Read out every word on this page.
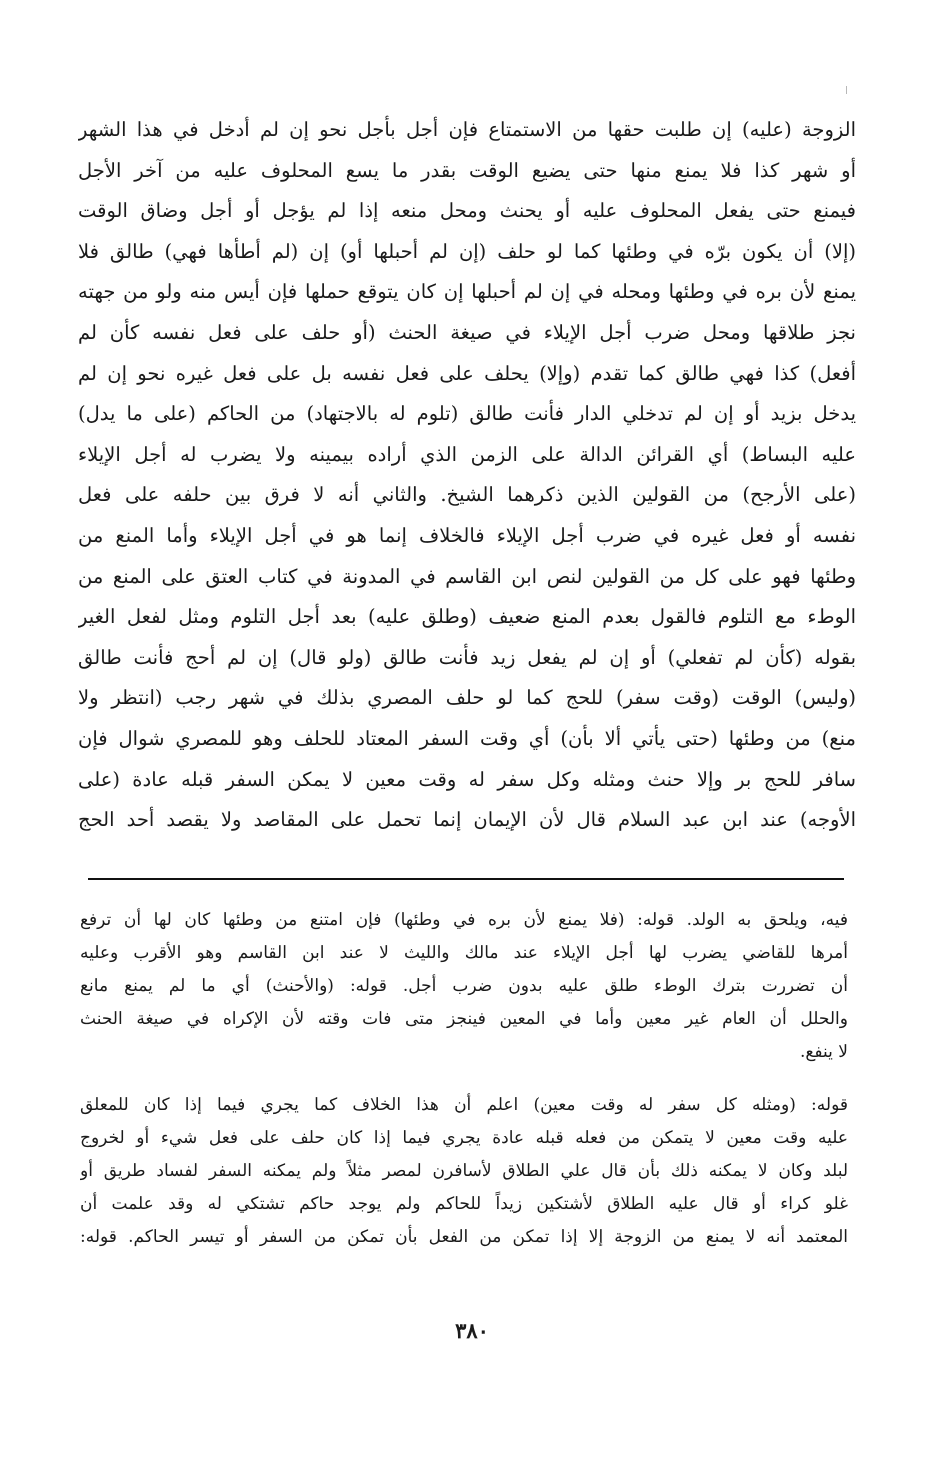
الزوجة (عليه) إن طلبت حقها من الاستمتاع فإن أجل بأجل نحو إن لم أدخل في هذا الشهر
أو شهر كذا فلا يمنع منها حتى يضيع الوقت بقدر ما يسع المحلوف عليه من آخر الأجل
فيمنع حتى يفعل المحلوف عليه أو يحنث ومحل منعه إذا لم يؤجل أو أجل وضاق الوقت
(إلا) أن يكون برّه في وطئها كما لو حلف (إن لم أحبلها أو) إن (لم أطأها فهي) طالق فلا
يمنع لأن بره في وطئها ومحله في إن لم أحبلها إن كان يتوقع حملها فإن أيس منه ولو من جهته
نجز طلاقها ومحل ضرب أجل الإيلاء في صيغة الحنث (أو حلف على فعل نفسه كأن لم
أفعل) كذا فهي طالق كما تقدم (وإلا) يحلف على فعل نفسه بل على فعل غيره نحو إن لم
يدخل بزيد أو إن لم تدخلي الدار فأنت طالق (تلوم له بالاجتهاد) من الحاكم (على ما يدل)
عليه البساط) أي القرائن الدالة على الزمن الذي أراده بيمينه ولا يضرب له أجل الإيلاء
(على الأرجح) من القولين الذين ذكرهما الشيخ. والثاني أنه لا فرق بين حلفه على فعل
نفسه أو فعل غيره في ضرب أجل الإيلاء فالخلاف إنما هو في أجل الإيلاء وأما المنع من
وطئها فهو على كل من القولين لنص ابن القاسم في المدونة في كتاب العتق على المنع من
الوطء مع التلوم فالقول بعدم المنع ضعيف (وطلق عليه) بعد أجل التلوم ومثل لفعل الغير
بقوله (كأن لم تفعلي) أو إن لم يفعل زيد فأنت طالق (ولو قال) إن لم أحج فأنت طالق
(وليس) الوقت (وقت سفر) للحج كما لو حلف المصري بذلك في شهر رجب (انتظر ولا
منع) من وطئها (حتى يأتي ألا بأن) أي وقت السفر المعتاد للحلف وهو للمصري شوال فإن
سافر للحج بر وإلا حنث ومثله وكل سفر له وقت معين لا يمكن السفر قبله عادة (على
الأوجه) عند ابن عبد السلام قال لأن الإيمان إنما تحمل على المقاصد ولا يقصد أحد الحج
فيه، ويلحق به الولد. قوله: (فلا يمنع لأن بره في وطئها) فإن امتنع من وطئها كان لها أن ترفع
أمرها للقاضي يضرب لها أجل الإيلاء عند مالك والليث لا عند ابن القاسم وهو الأقرب وعليه
أن تضررت بترك الوطء طلق عليه بدون ضرب أجل. قوله: (والأحنث) أي ما لم يمنع مانع
والحلل أن العام غير معين وأما في المعين فينجز متى فات وقته لأن الإكراه في صيغة الحنث
لا ينفع.
قوله: (ومثله كل سفر له وقت معين) اعلم أن هذا الخلاف كما يجري فيما إذا كان للمعلق
عليه وقت معين لا يتمكن من فعله قبله عادة يجري فيما إذا كان حلف على فعل شيء أو لخروج
لبلد وكان لا يمكنه ذلك بأن قال علي الطلاق لأسافرن لمصر مثلاً ولم يمكنه السفر لفساد طريق أو
غلو كراء أو قال عليه الطلاق لأشتكين زيداً للحاكم ولم يوجد حاكم تشتكي له وقد علمت أن
المعتمد أنه لا يمنع من الزوجة إلا إذا تمكن من الفعل بأن تمكن من السفر أو تيسر الحاكم. قوله:
٣٨٠
